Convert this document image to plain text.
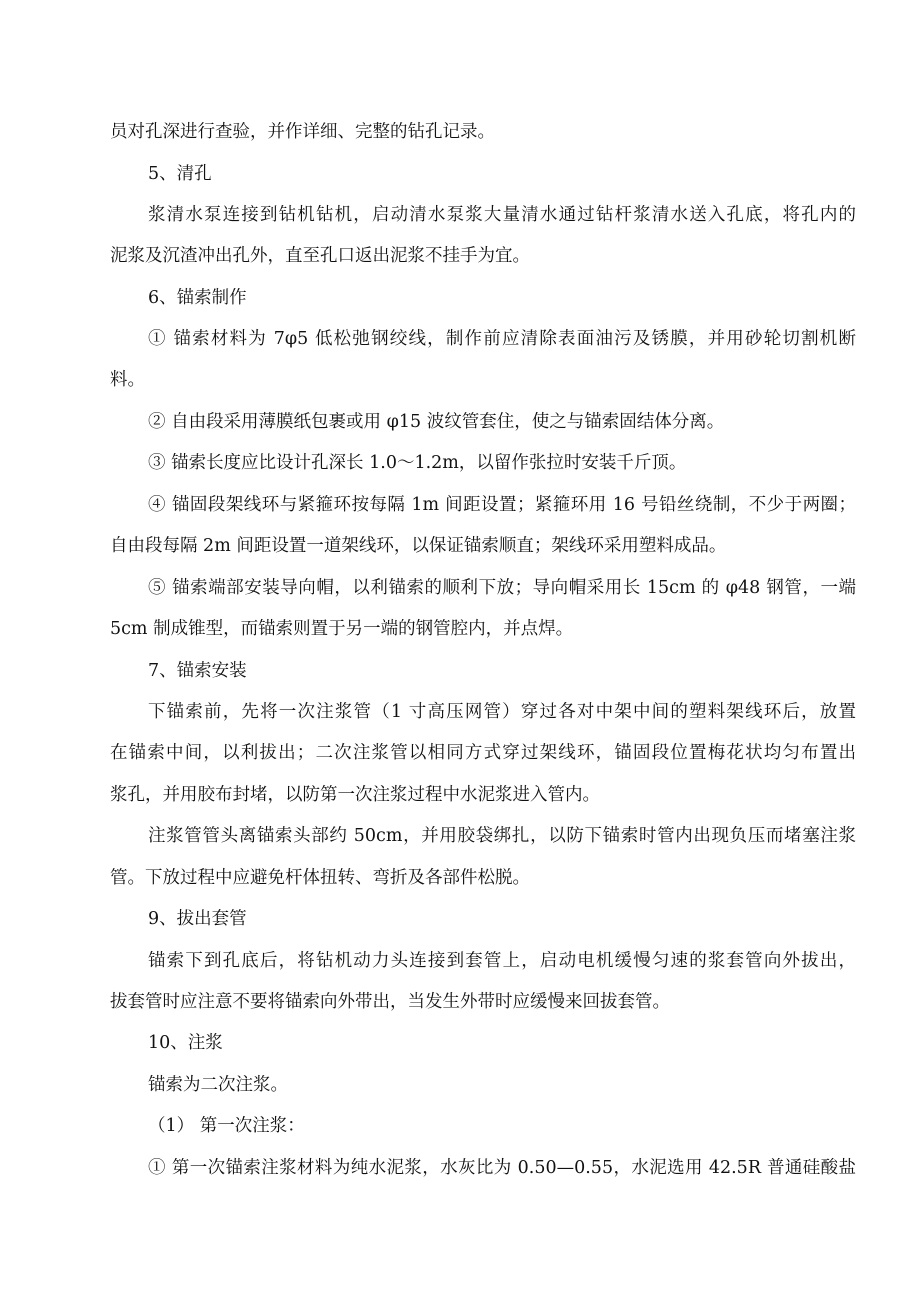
员对孔深进行查验，并作详细、完整的钻孔记录。
5、清孔
浆清水泵连接到钻机钻机，启动清水泵浆大量清水通过钻杆浆清水送入孔底，将孔内的
泥浆及沉渣冲出孔外，直至孔口返出泥浆不挂手为宜。
6、锚索制作
① 锚索材料为 7φ5 低松弛钢绞线，制作前应清除表面油污及锈膜，并用砂轮切割机断
料。
② 自由段采用薄膜纸包裹或用 φ15 波纹管套住，使之与锚索固结体分离。
③ 锚索长度应比设计孔深长 1.0～1.2m，以留作张拉时安装千斤顶。
④ 锚固段架线环与紧箍环按每隔 1m 间距设置；紧箍环用 16 号铅丝绕制，不少于两圈；
自由段每隔 2m 间距设置一道架线环，以保证锚索顺直；架线环采用塑料成品。
⑤ 锚索端部安装导向帽，以利锚索的顺利下放；导向帽采用长 15cm 的 φ48 钢管，一端
5cm 制成锥型，而锚索则置于另一端的钢管腔内，并点焊。
7、锚索安装
下锚索前，先将一次注浆管（1 寸高压网管）穿过各对中架中间的塑料架线环后，放置
在锚索中间，以利拔出；二次注浆管以相同方式穿过架线环，锚固段位置梅花状均匀布置出
浆孔，并用胶布封堵，以防第一次注浆过程中水泥浆进入管内。
注浆管管头离锚索头部约 50cm，并用胶袋绑扎，以防下锚索时管内出现负压而堵塞注浆
管。下放过程中应避免杆体扭转、弯折及各部件松脱。
9、拔出套管
锚索下到孔底后，将钻机动力头连接到套管上，启动电机缓慢匀速的浆套管向外拔出，
拔套管时应注意不要将锚索向外带出，当发生外带时应缓慢来回拔套管。
10、注浆
锚索为二次注浆。
（1） 第一次注浆：
① 第一次锚索注浆材料为纯水泥浆，水灰比为 0.50—0.55，水泥选用 42.5R 普通硅酸盐
